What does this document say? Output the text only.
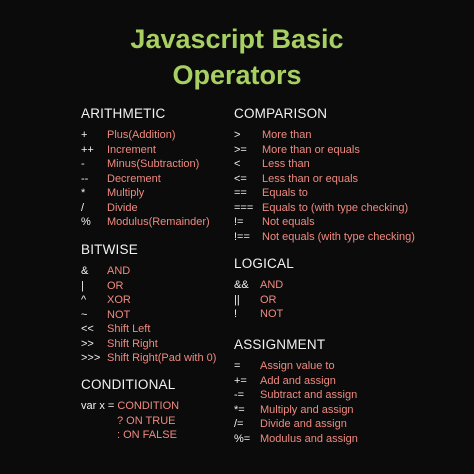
Javascript Basic
Operators
ARITHMETIC
+ Plus(Addition)
++ Increment
- Minus(Subtraction)
-- Decrement
* Multiply
/ Divide
% Modulus(Remainder)
BITWISE
& AND
| OR
^ XOR
~ NOT
<< Shift Left
>> Shift Right
>>> Shift Right(Pad with 0)
CONDITIONAL
var x = CONDITION
? ON TRUE
: ON FALSE
COMPARISON
> More than
>= More than or equals
< Less than
<= Less than or equals
== Equals to
=== Equals to (with type checking)
!= Not equals
!== Not equals (with type checking)
LOGICAL
&& AND
|| OR
! NOT
ASSIGNMENT
= Assign value to
+= Add and assign
-= Subtract and assign
*= Multiply and assign
/= Divide and assign
%= Modulus and assign
